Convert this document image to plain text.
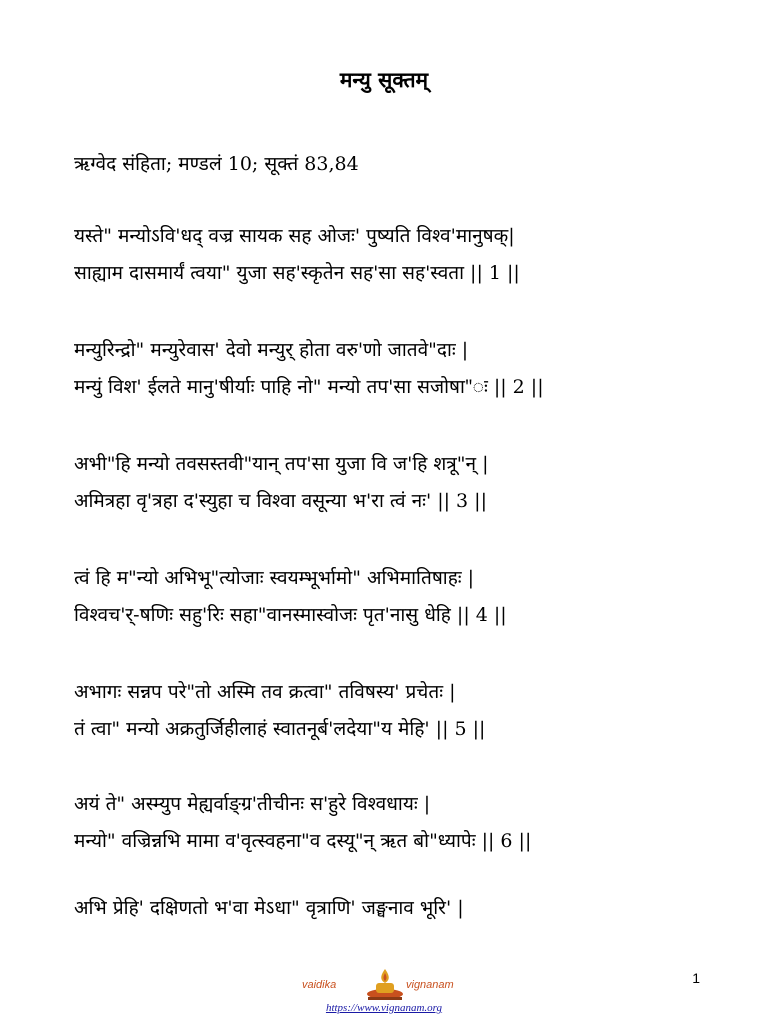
मन्यु सूक्तम्
ऋग्वेद संहिता; मण्डलं 10; सूक्तं 83,84
यस्ते" मन्योऽवि'धद् वज्र सायक सह ओजः' पुष्यति विश्व'मानुषक्|
साह्याम दासमार्यं त्वया" युजा सह'स्कृतेन सह'सा सह'स्वता || 1 ||
मन्युरिन्द्रो" मन्युरेवास' देवो मन्युर् होता वरु'णो जातवे"दाः |
मन्युं विश' ईलते मानु'षीर्याः पाहि नो" मन्यो तप'सा सजोषा"ः || 2 ||
अभी"हि मन्यो तवसस्तवी"यान् तप'सा युजा वि ज'हि शत्रू"न् |
अमित्रहा वृ'त्रहा द'स्युहा च विश्वा वसून्या भ'रा त्वं नः' || 3 ||
त्वं हि म"न्यो अभिभू"त्योजाः स्वयम्भूर्भामो" अभिमातिषाहः |
विश्वच'र्-षणिः सहु'रिः सहा"वानस्मास्वोजः पृत'नासु धेहि || 4 ||
अभागः सन्नप परे"तो अस्मि तव क्रत्वा" तविषस्य' प्रचेतः |
तं त्वा" मन्यो अक्रतुर्जिहीलाहं स्वातनूर्ब'लदेया"य मेहि' || 5 ||
अयं ते" अस्म्युप मेह्यर्वाङ्ग्र'तीचीनः स'हुरे विश्वधायः |
मन्यो" वज्रिन्नभि मामा व'वृत्स्वहना"व दस्यू"न् ऋत बो"ध्यापेः || 6 ||
अभि प्रेहि' दक्षिणतो भ'वा मेऽधा" वृत्राणि' जङ्घनाव भूरि' |
vaidika	vignanam
https://www.vignanam.org
1
